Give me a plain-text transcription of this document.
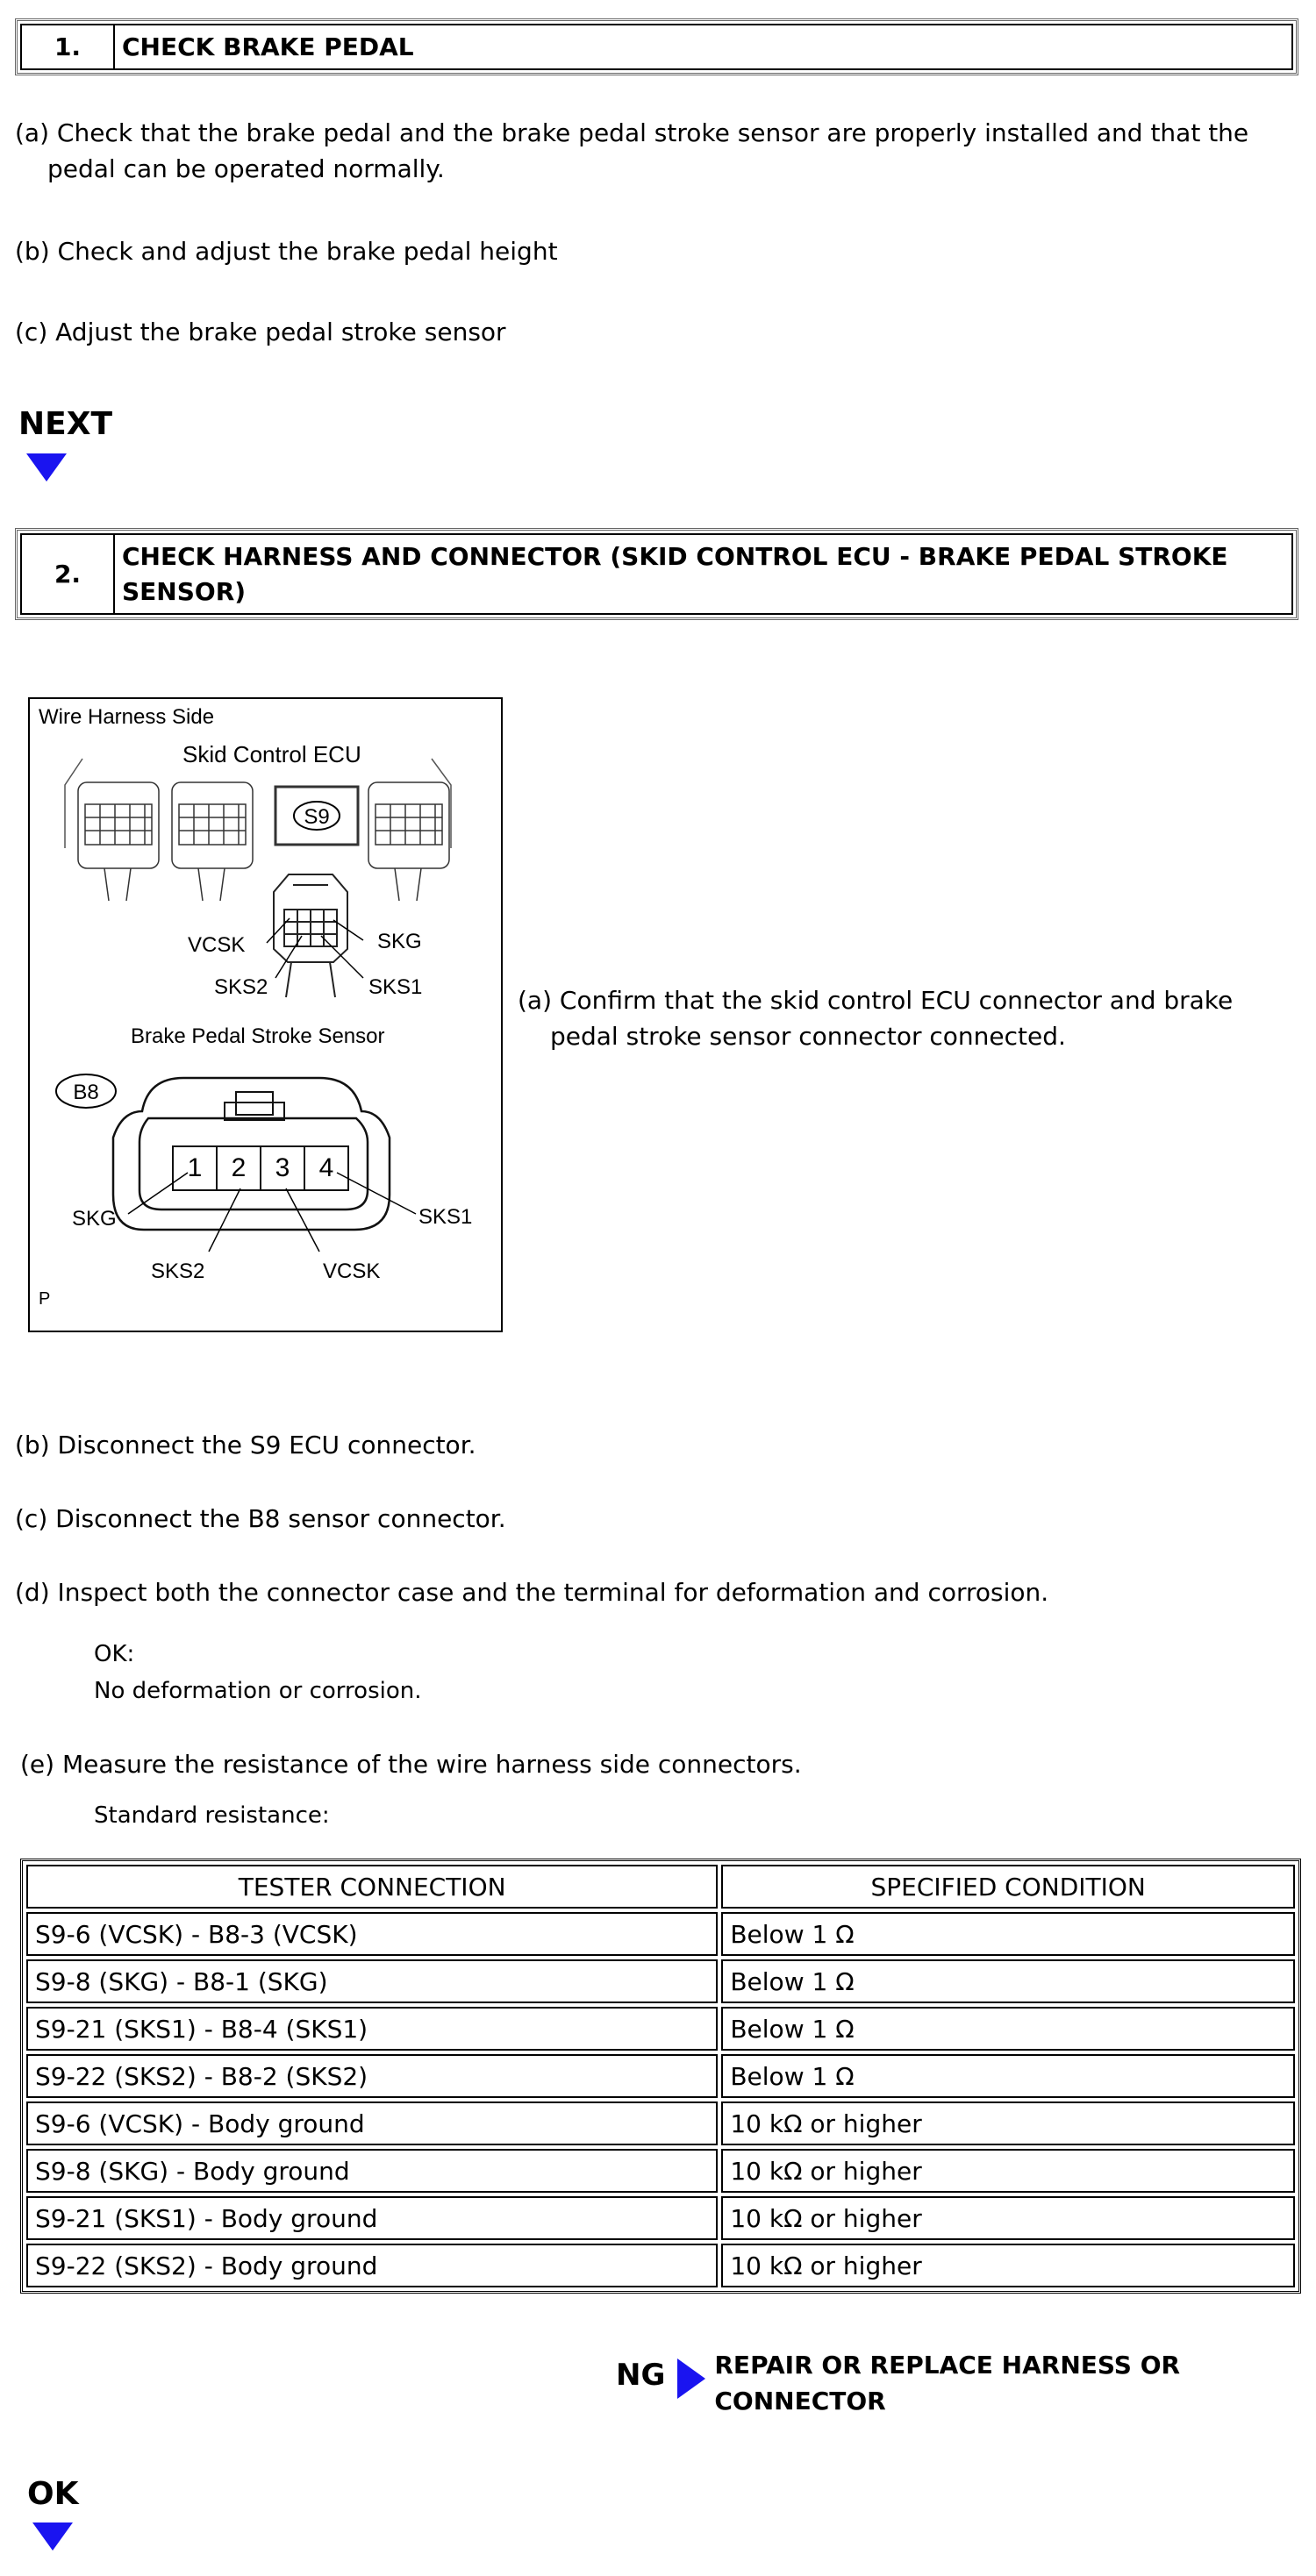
1.	CHECK BRAKE PEDAL
(a) Check that the brake pedal and the brake pedal stroke sensor are properly installed and that the pedal can be operated normally.
(b) Check and adjust the brake pedal height
(c) Adjust the brake pedal stroke sensor
NEXT
2.
CHECK HARNESS AND CONNECTOR (SKID CONTROL ECU - BRAKE PEDAL STROKE SENSOR)
Wire Harness Side
Skid Control ECU
S9
VCSK	SKG
SKS2	SKS1
Brake Pedal Stroke Sensor
B8
1 2 3 4
SKG	SKS1
SKS2	VCSK
P
(a) Confirm that the skid control ECU connector and brake pedal stroke sensor connector connected.
(b) Disconnect the S9 ECU connector.
(c) Disconnect the B8 sensor connector.
(d) Inspect both the connector case and the terminal for deformation and corrosion.
OK:
No deformation or corrosion.
(e) Measure the resistance of the wire harness side connectors.
Standard resistance:
TESTER CONNECTION	SPECIFIED CONDITION
S9-6 (VCSK) - B8-3 (VCSK)	Below 1 Ω
S9-8 (SKG) - B8-1 (SKG)	Below 1 Ω
S9-21 (SKS1) - B8-4 (SKS1)	Below 1 Ω
S9-22 (SKS2) - B8-2 (SKS2)	Below 1 Ω
S9-6 (VCSK) - Body ground	10 kΩ or higher
S9-8 (SKG) - Body ground	10 kΩ or higher
S9-21 (SKS1) - Body ground	10 kΩ or higher
S9-22 (SKS2) - Body ground	10 kΩ or higher
NG REPAIR OR REPLACE HARNESS OR CONNECTOR
OK
